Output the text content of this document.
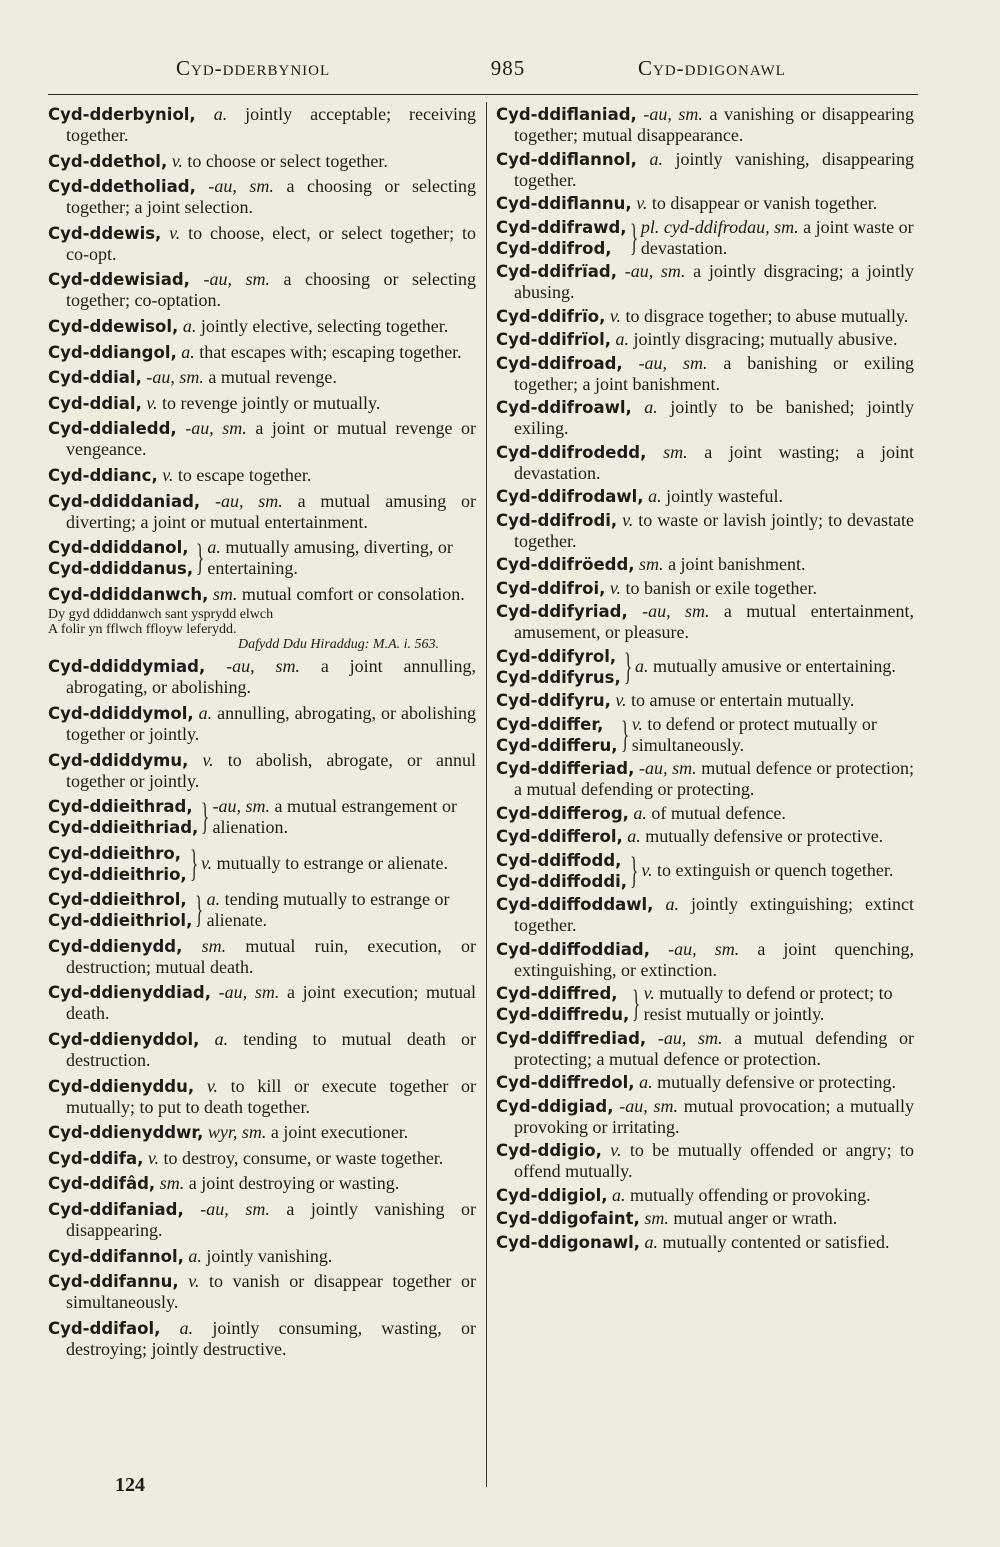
Cyd-dderbyniol	985	Cyd-ddigonawl
Cyd-dderbyniol, a. jointly acceptable; receiving together.
Cyd-ddethol, v. to choose or select together.
Cyd-ddetholiad, -au, sm. a choosing or selecting together; a joint selection.
Cyd-ddewis, v. to choose, elect, or select together; to co-opt.
Cyd-ddewisiad, -au, sm. a choosing or selecting together; co-optation.
Cyd-ddewisol, a. jointly elective, selecting together.
Cyd-ddiangol, a. that escapes with; escaping together.
Cyd-ddial, -au, sm. a mutual revenge.
Cyd-ddial, v. to revenge jointly or mutually.
Cyd-ddialedd, -au, sm. a joint or mutual revenge or vengeance.
Cyd-ddianc, v. to escape together.
Cyd-ddiddaniad, -au, sm. a mutual amusing or diverting; a joint or mutual entertainment.
Cyd-ddiddanol,
Cyd-ddiddanus, } a. mutually amusing, diverting, or entertaining.
Cyd-ddiddanwch, sm. mutual comfort or consolation.
Dy gyd ddiddanwch sant ysprydd elwch
A folir yn fflwch ffloyw leferydd.
Dafydd Ddu Hiraddug: M.A. i. 563.
Cyd-ddiddymiad, -au, sm. a joint annulling, abrogating, or abolishing.
Cyd-ddiddymol, a. annulling, abrogating, or abolishing together or jointly.
Cyd-ddiddymu, v. to abolish, abrogate, or annul together or jointly.
Cyd-ddieithrad,
Cyd-ddieithriad, } -au, sm. a mutual estrangement or alienation.
Cyd-ddieithro,
Cyd-ddieithrio, } v. mutually to estrange or alienate.
Cyd-ddieithrol,
Cyd-ddieithriol, } a. tending mutually to estrange or alienate.
Cyd-ddienydd, sm. mutual ruin, execution, or destruction; mutual death.
Cyd-ddienyddiad, -au, sm. a joint execution; mutual death.
Cyd-ddienyddol, a. tending to mutual death or destruction.
Cyd-ddienyddu, v. to kill or execute together or mutually; to put to death together.
Cyd-ddienyddwr, wyr, sm. a joint executioner.
Cyd-ddifa, v. to destroy, consume, or waste together.
Cyd-ddifâd, sm. a joint destroying or wasting.
Cyd-ddifaniad, -au, sm. a jointly vanishing or disappearing.
Cyd-ddifannol, a. jointly vanishing.
Cyd-ddifannu, v. to vanish or disappear together or simultaneously.
Cyd-ddifaol, a. jointly consuming, wasting, or destroying; jointly destructive.
Cyd-ddiflaniad, -au, sm. a vanishing or disappearing together; mutual disappearance.
Cyd-ddiflannol, a. jointly vanishing, disappearing together.
Cyd-ddiflannu, v. to disappear or vanish together.
Cyd-ddifrawd,
Cyd-ddifrod, } pl. cyd-ddifrodau, sm. a joint waste or devastation.
Cyd-ddifrïad, -au, sm. a jointly disgracing; a jointly abusing.
Cyd-ddifrïo, v. to disgrace together; to abuse mutually.
Cyd-ddifrïol, a. jointly disgracing; mutually abusive.
Cyd-ddifroad, -au, sm. a banishing or exiling together; a joint banishment.
Cyd-ddifroawl, a. jointly to be banished; jointly exiling.
Cyd-ddifrodedd, sm. a joint wasting; a joint devastation.
Cyd-ddifrodawl, a. jointly wasteful.
Cyd-ddifrodi, v. to waste or lavish jointly; to devastate together.
Cyd-ddifröedd, sm. a joint banishment.
Cyd-ddifroi, v. to banish or exile together.
Cyd-ddifyriad, -au, sm. a mutual entertainment, amusement, or pleasure.
Cyd-ddifyrol,
Cyd-ddifyrus, } a. mutually amusive or entertaining.
Cyd-ddifyru, v. to amuse or entertain mutually.
Cyd-ddiffer,
Cyd-ddifferu, } v. to defend or protect mutually or simultaneously.
Cyd-ddifferiad, -au, sm. mutual defence or protection; a mutual defending or protecting.
Cyd-ddifferog, a. of mutual defence.
Cyd-ddifferol, a. mutually defensive or protective.
Cyd-ddiffodd,
Cyd-ddiffoddi, } v. to extinguish or quench together.
Cyd-ddiffoddawl, a. jointly extinguishing; extinct together.
Cyd-ddiffoddiad, -au, sm. a joint quenching, extinguishing, or extinction.
Cyd-ddiffred,
Cyd-ddiffredu, } v. mutually to defend or protect; to resist mutually or jointly.
Cyd-ddiffrediad, -au, sm. a mutual defending or protecting; a mutual defence or protection.
Cyd-ddiffredol, a. mutually defensive or protecting.
Cyd-ddigiad, -au, sm. mutual provocation; a mutually provoking or irritating.
Cyd-ddigio, v. to be mutually offended or angry; to offend mutually.
Cyd-ddigiol, a. mutually offending or provoking.
Cyd-ddigofaint, sm. mutual anger or wrath.
Cyd-ddigonawl, a. mutually contented or satisfied.
124
